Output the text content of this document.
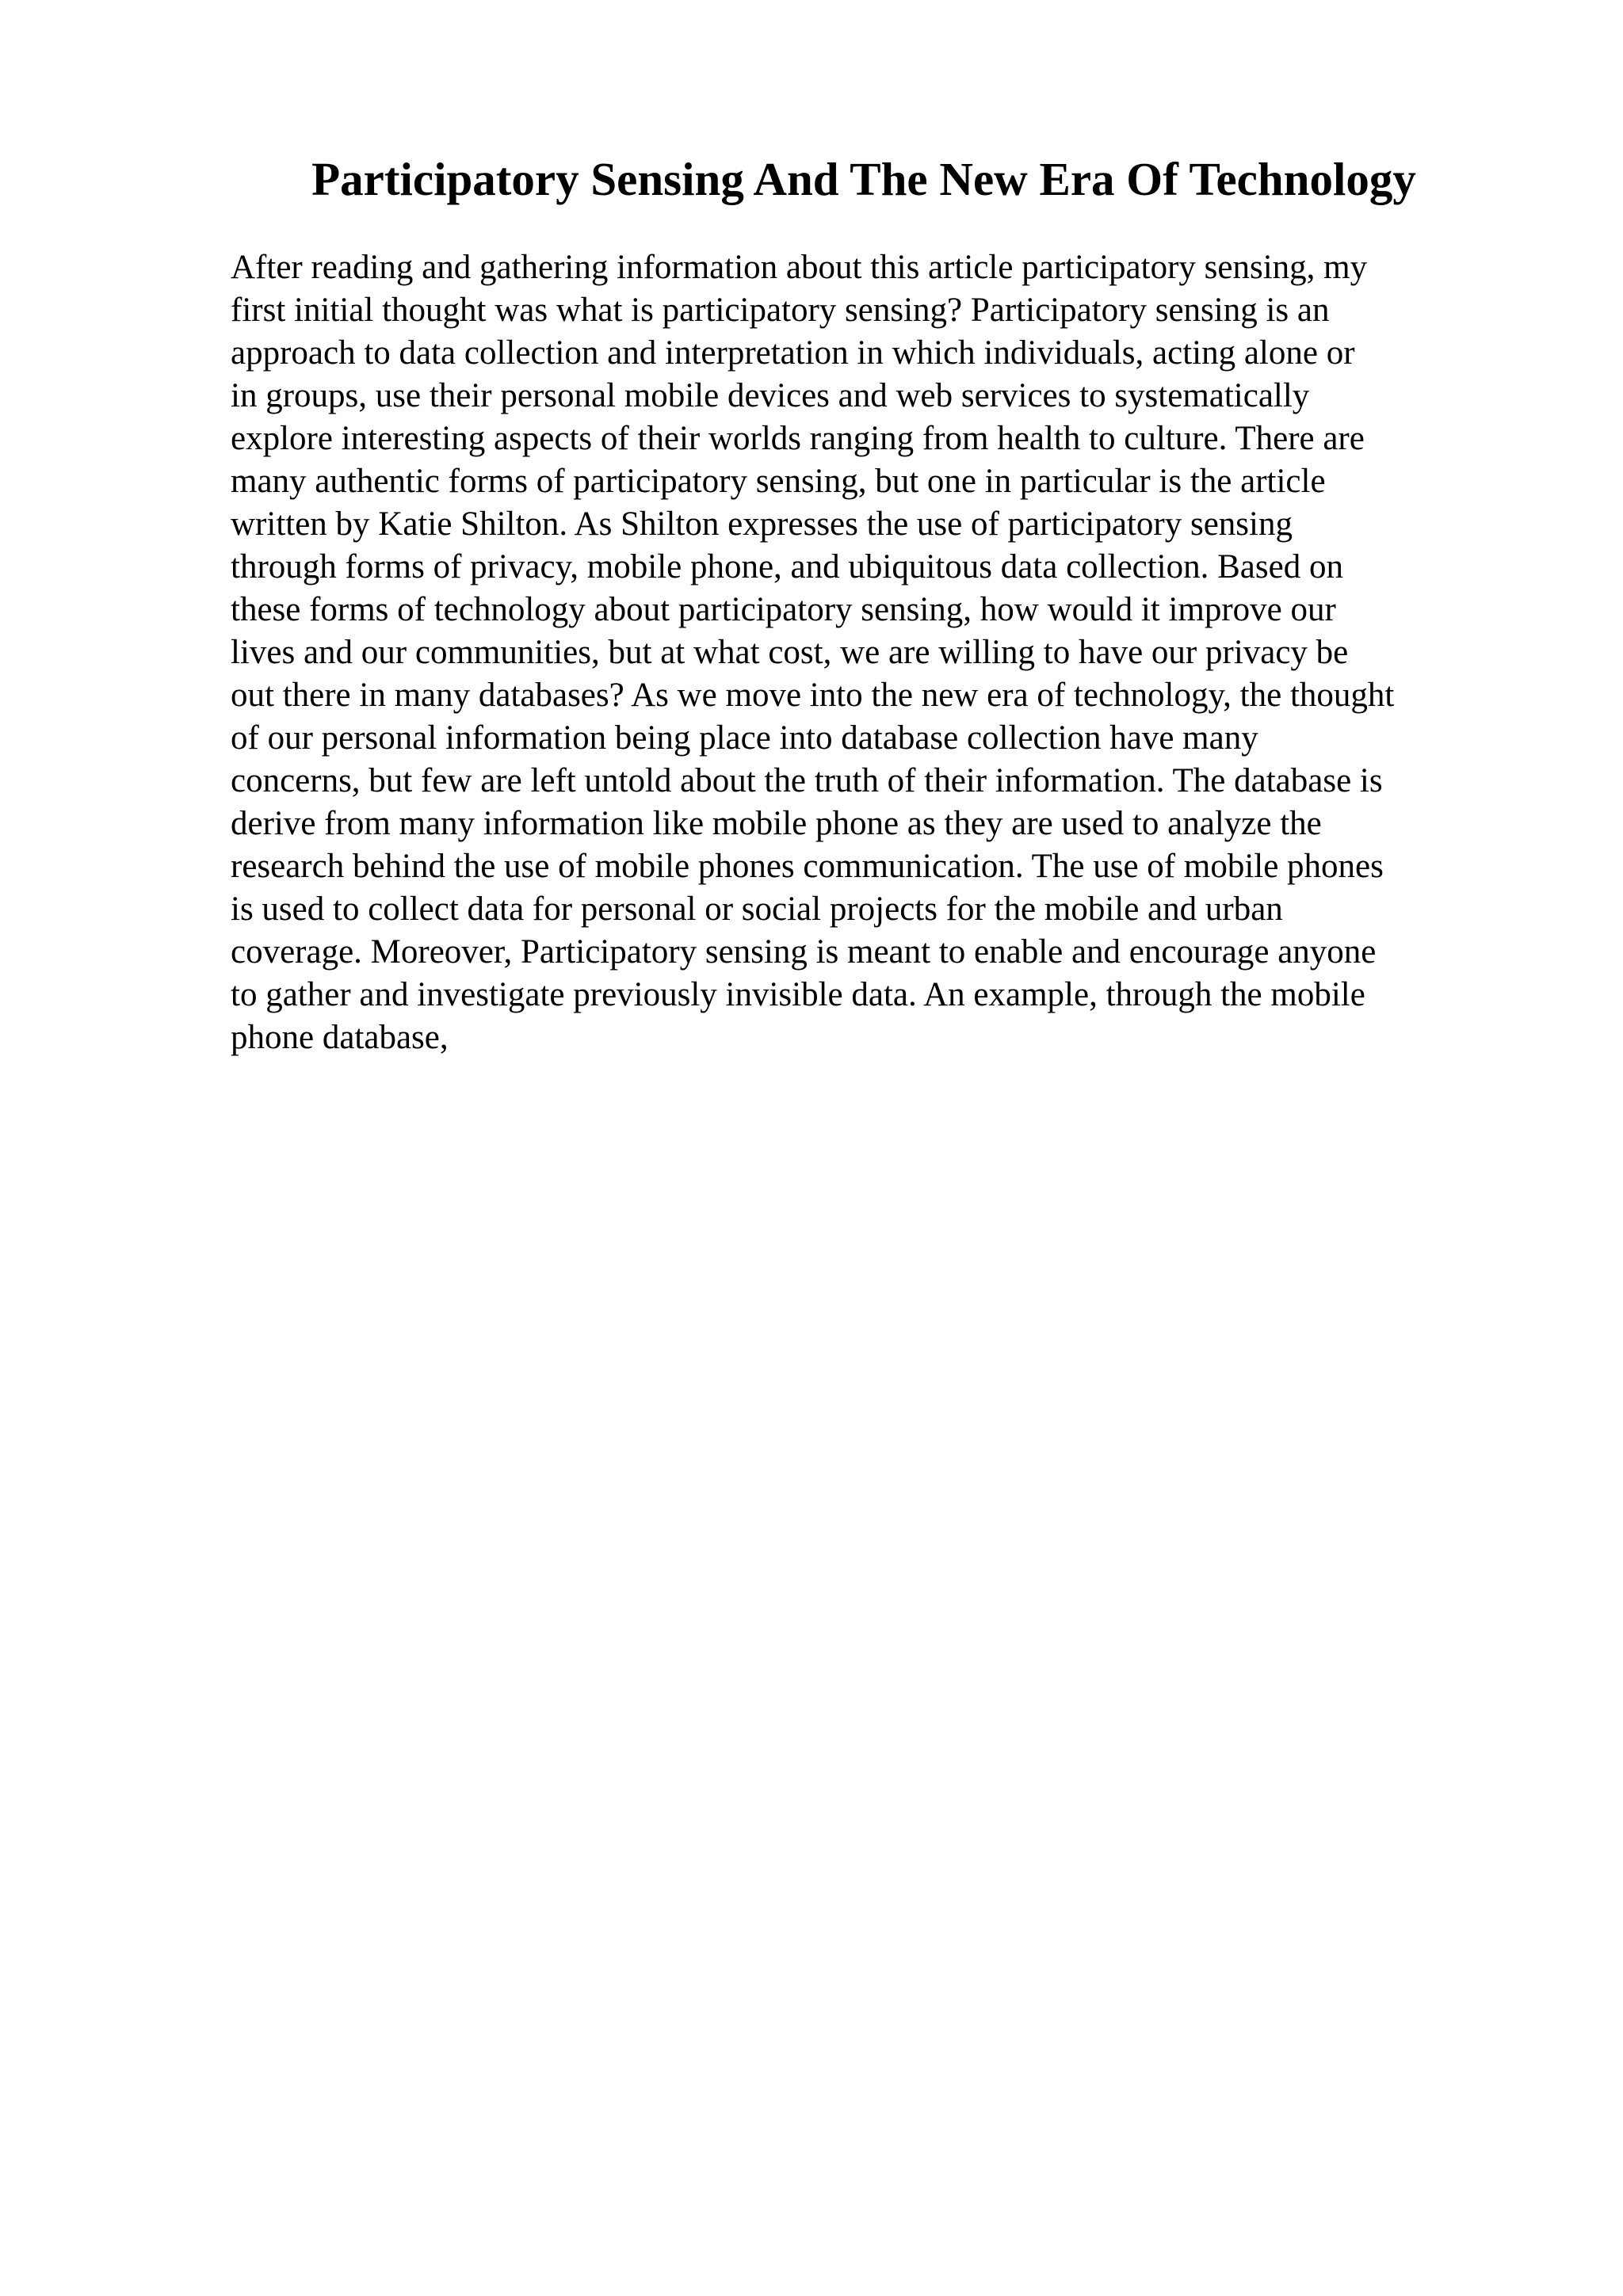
Participatory Sensing And The New Era Of Technology
After reading and gathering information about this article participatory sensing, my
first initial thought was what is participatory sensing? Participatory sensing is an
approach to data collection and interpretation in which individuals, acting alone or
in groups, use their personal mobile devices and web services to systematically
explore interesting aspects of their worlds ranging from health to culture. There are
many authentic forms of participatory sensing, but one in particular is the article
written by Katie Shilton. As Shilton expresses the use of participatory sensing
through forms of privacy, mobile phone, and ubiquitous data collection. Based on
these forms of technology about participatory sensing, how would it improve our
lives and our communities, but at what cost, we are willing to have our privacy be
out there in many databases? As we move into the new era of technology, the thought
of our personal information being place into database collection have many
concerns, but few are left untold about the truth of their information. The database is
derive from many information like mobile phone as they are used to analyze the
research behind the use of mobile phones communication. The use of mobile phones
is used to collect data for personal or social projects for the mobile and urban
coverage. Moreover, Participatory sensing is meant to enable and encourage anyone
to gather and investigate previously invisible data. An example, through the mobile
phone database,
